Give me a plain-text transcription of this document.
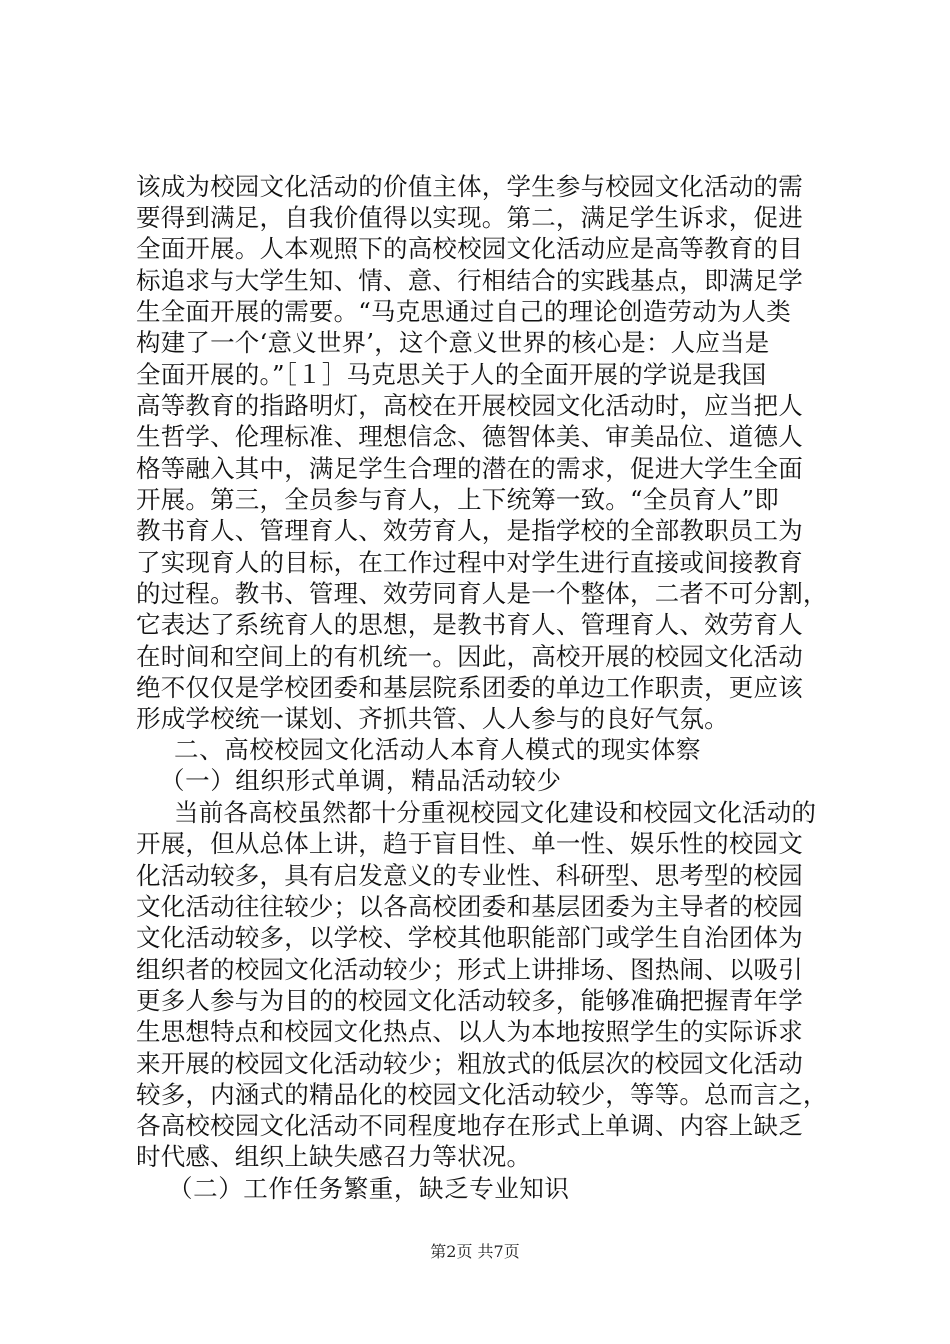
该成为校园文化活动的价值主体，学生参与校园文化活动的需
要得到满足，自我价值得以实现。第二，满足学生诉求，促进
全面开展。人本观照下的高校校园文化活动应是高等教育的目
标追求与大学生知、情、意、行相结合的实践基点，即满足学
生全面开展的需要。“马克思通过自己的理论创造劳动为人类
构建了一个‘意义世界’，这个意义世界的核心是：人应当是
全面开展的。”［１］马克思关于人的全面开展的学说是我国
高等教育的指路明灯，高校在开展校园文化活动时，应当把人
生哲学、伦理标准、理想信念、德智体美、审美品位、道德人
格等融入其中，满足学生合理的潜在的需求，促进大学生全面
开展。第三，全员参与育人，上下统筹一致。“全员育人”即
教书育人、管理育人、效劳育人，是指学校的全部教职员工为
了实现育人的目标，在工作过程中对学生进行直接或间接教育
的过程。教书、管理、效劳同育人是一个整体，二者不可分割，
它表达了系统育人的思想，是教书育人、管理育人、效劳育人
在时间和空间上的有机统一。因此，高校开展的校园文化活动
绝不仅仅是学校团委和基层院系团委的单边工作职责，更应该
形成学校统一谋划、齐抓共管、人人参与的良好气氛。
二、高校校园文化活动人本育人模式的现实体察
（一）组织形式单调，精品活动较少
当前各高校虽然都十分重视校园文化建设和校园文化活动的
开展，但从总体上讲，趋于盲目性、单一性、娱乐性的校园文
化活动较多，具有启发意义的专业性、科研型、思考型的校园
文化活动往往较少；以各高校团委和基层团委为主导者的校园
文化活动较多，以学校、学校其他职能部门或学生自治团体为
组织者的校园文化活动较少；形式上讲排场、图热闹、以吸引
更多人参与为目的的校园文化活动较多，能够准确把握青年学
生思想特点和校园文化热点、以人为本地按照学生的实际诉求
来开展的校园文化活动较少；粗放式的低层次的校园文化活动
较多，内涵式的精品化的校园文化活动较少，等等。总而言之，
各高校校园文化活动不同程度地存在形式上单调、内容上缺乏
时代感、组织上缺失感召力等状况。
（二）工作任务繁重，缺乏专业知识
第2页 共7页
